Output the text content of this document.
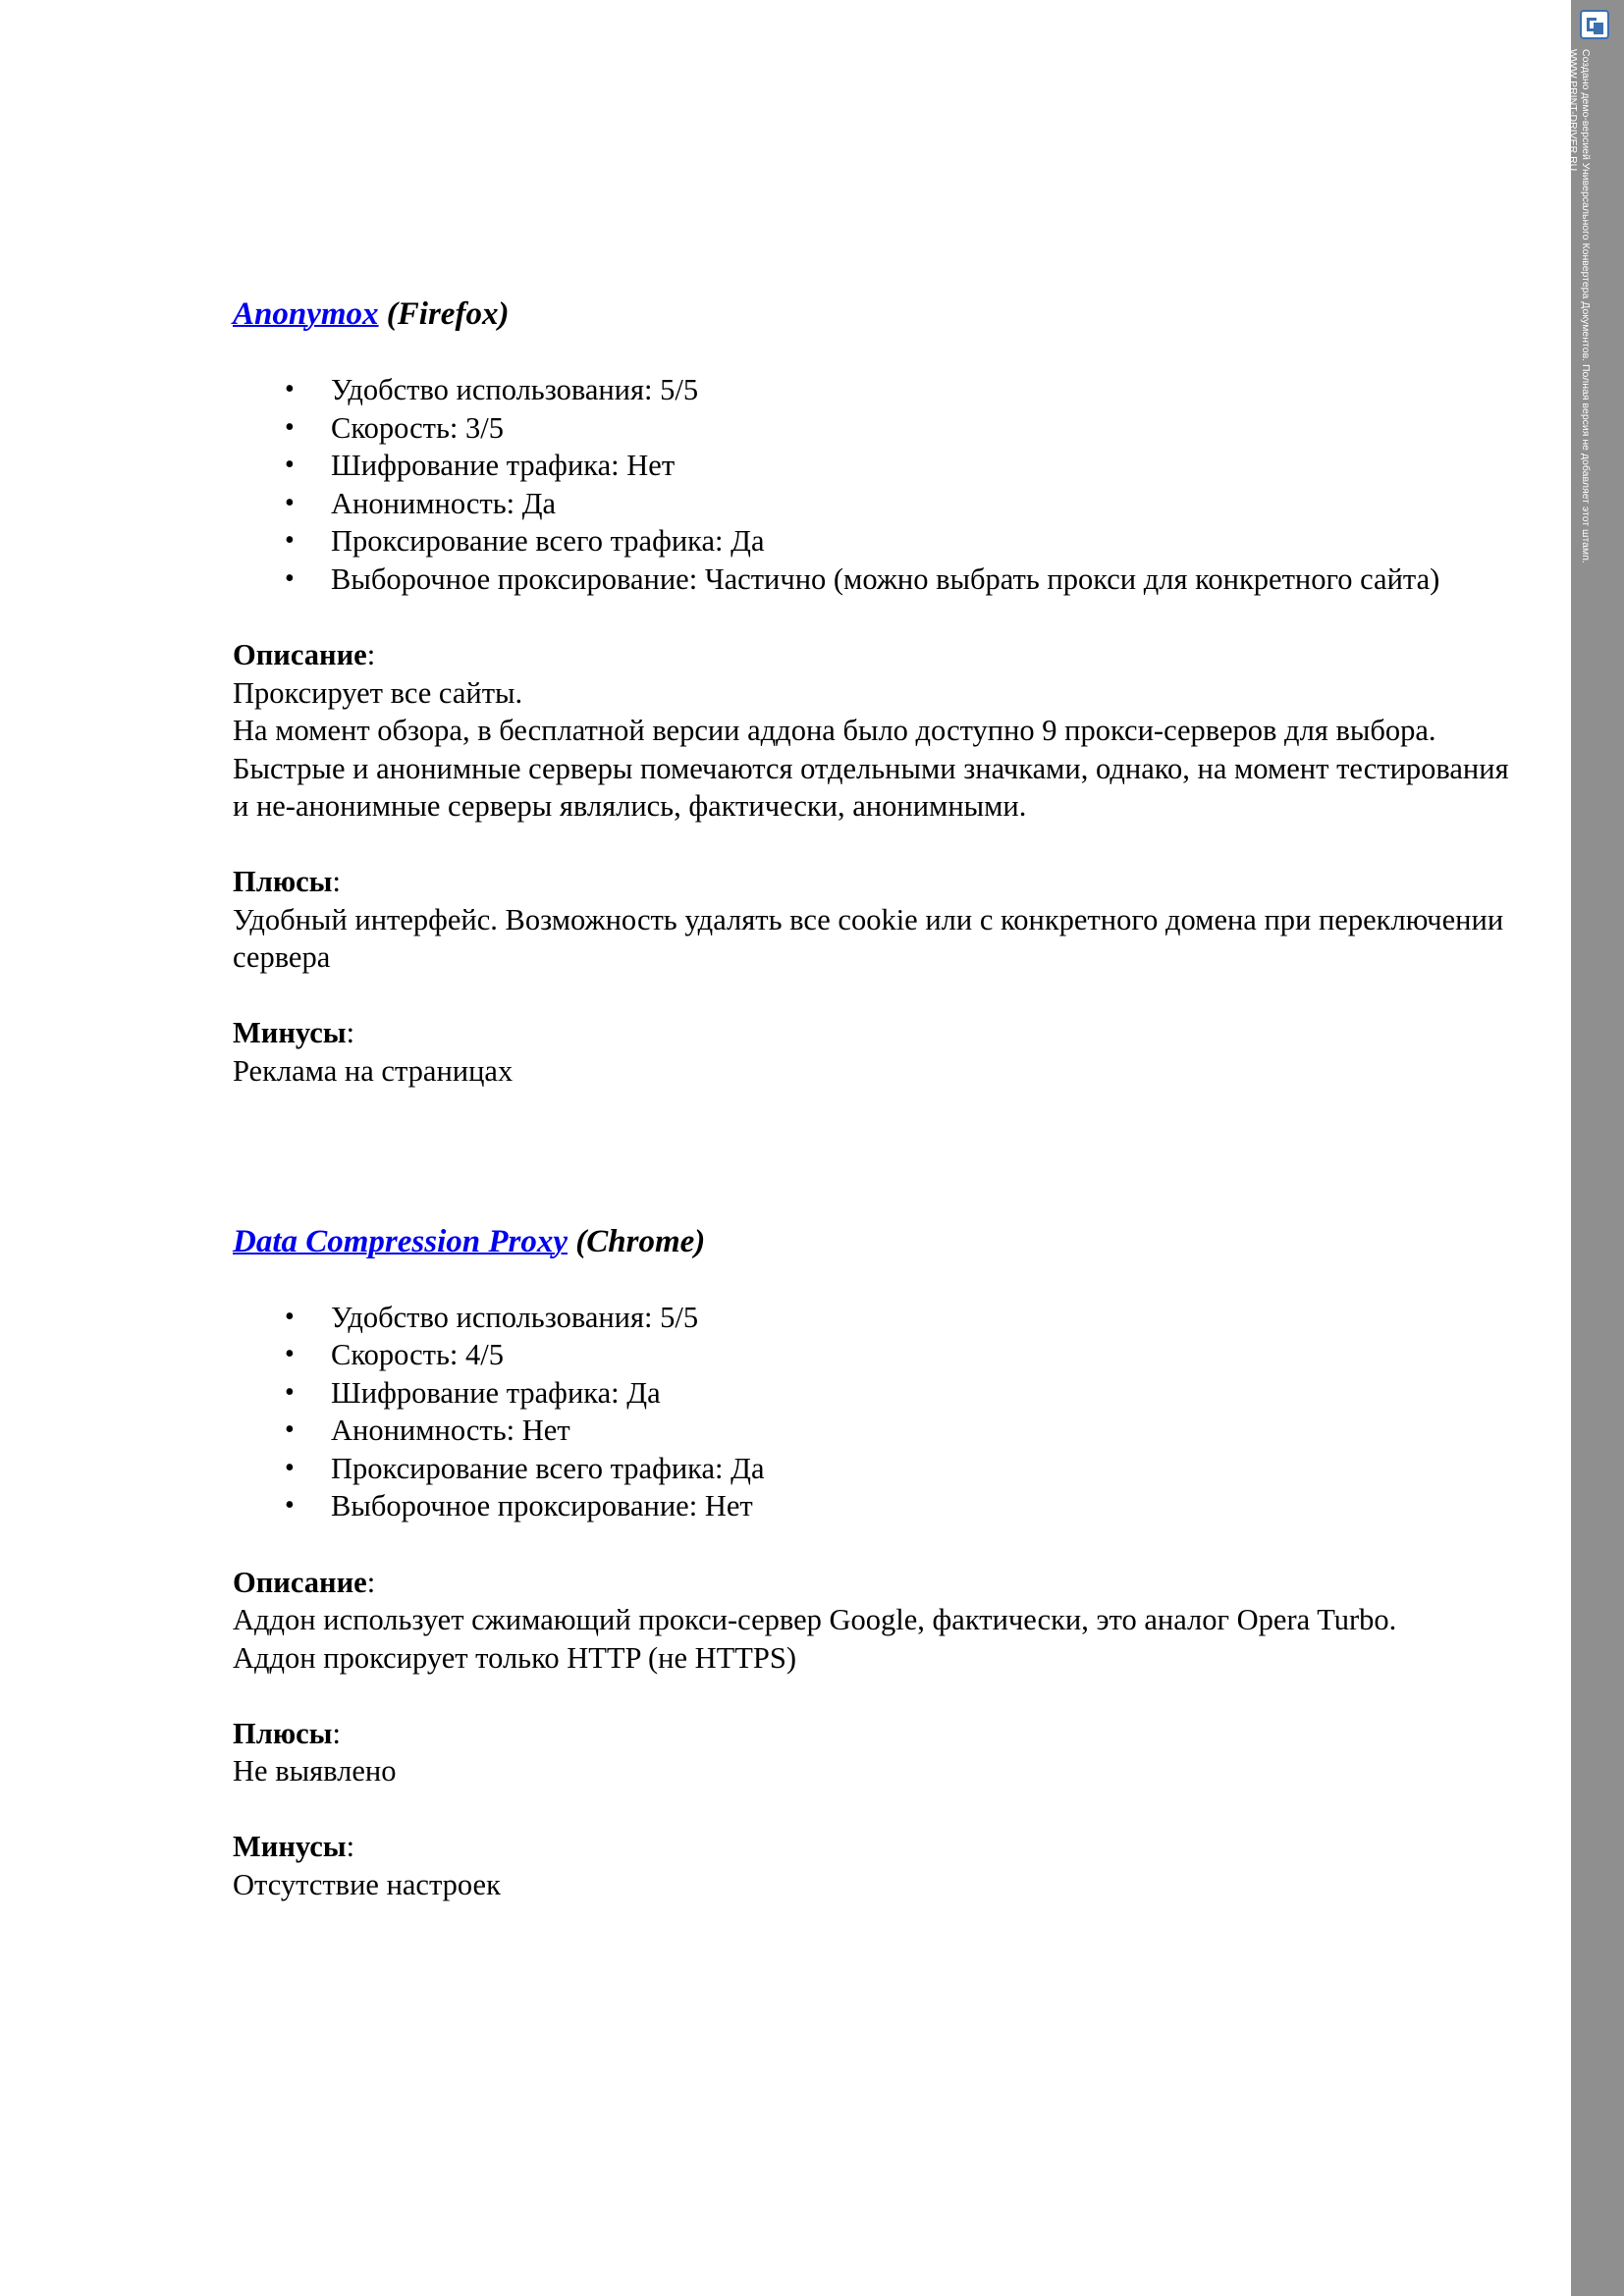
Anonymox (Firefox)
• Удобство использования: 5/5
• Скорость: 3/5
• Шифрование трафика: Нет
• Анонимность: Да
• Проксирование всего трафика: Да
• Выборочное проксирование: Частично (можно выбрать прокси для конкретного сайта)

Описание:

Проксирует все сайты.

На момент обзора, в бесплатной версии аддона было доступно 9 прокси-серверов для выбора.

Быстрые и анонимные серверы помечаются отдельными значками, однако, на момент тестирования и не-анонимные серверы являлись, фактически, анонимными.

Плюсы:

Удобный интерфейс. Возможность удалять все cookie или с конкретного домена при переключении сервера

Минусы:

Реклама на страницах

Data Compression Proxy (Chrome)
• Удобство использования: 5/5
• Скорость: 4/5
• Шифрование трафика: Да
• Анонимность: Нет
• Проксирование всего трафика: Да
• Выборочное проксирование: Нет

Описание:

Аддон использует сжимающий прокси-сервер Google, фактически, это аналог Opera Turbo.

Аддон проксирует только HTTP (не HTTPS)

Плюсы:

Не выявлено

Минусы:

Отсутствие настроек

Создано демо-версией Универсального Конвертера Документов. Полная версия не добавляет этот штамп.
WWW.PRINT-DRIVER.RU
